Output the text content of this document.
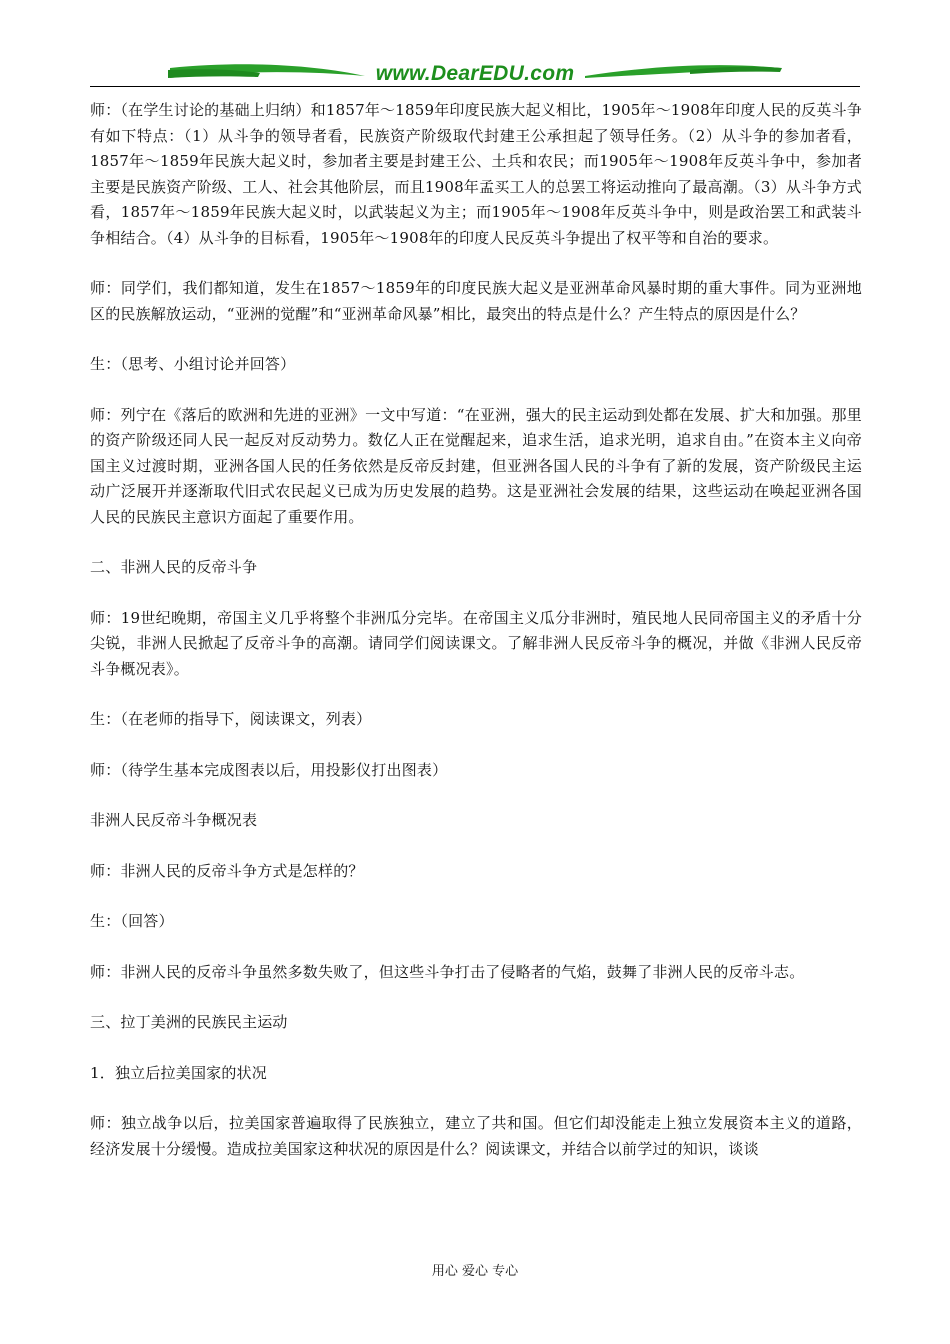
www.DearEDU.com

师：（在学生讨论的基础上归纳）和1857年～1859年印度民族大起义相比，1905年～1908年印度人民的反英斗争有如下特点：（1）从斗争的领导者看，民族资产阶级取代封建王公承担起了领导任务。（2）从斗争的参加者看，1857年～1859年民族大起义时，参加者主要是封建王公、土兵和农民；而1905年～1908年反英斗争中，参加者主要是民族资产阶级、工人、社会其他阶层，而且1908年孟买工人的总罢工将运动推向了最高潮。（3）从斗争方式看，1857年～1859年民族大起义时，以武装起义为主；而1905年～1908年反英斗争中，则是政治罢工和武装斗争相结合。（4）从斗争的目标看，1905年～1908年的印度人民反英斗争提出了权平等和自治的要求。

师：同学们，我们都知道，发生在1857～1859年的印度民族大起义是亚洲革命风暴时期的重大事件。同为亚洲地区的民族解放运动，“亚洲的觉醒”和“亚洲革命风暴”相比，最突出的特点是什么？产生特点的原因是什么？

生：（思考、小组讨论并回答）

师：列宁在《落后的欧洲和先进的亚洲》一文中写道：“在亚洲，强大的民主运动到处都在发展、扩大和加强。那里的资产阶级还同人民一起反对反动势力。数亿人正在觉醒起来，追求生活，追求光明，追求自由。”在资本主义向帝国主义过渡时期，亚洲各国人民的任务依然是反帝反封建，但亚洲各国人民的斗争有了新的发展，资产阶级民主运动广泛展开并逐渐取代旧式农民起义已成为历史发展的趋势。这是亚洲社会发展的结果，这些运动在唤起亚洲各国人民的民族民主意识方面起了重要作用。

二、非洲人民的反帝斗争

师：19世纪晚期，帝国主义几乎将整个非洲瓜分完毕。在帝国主义瓜分非洲时，殖民地人民同帝国主义的矛盾十分尖锐，非洲人民掀起了反帝斗争的高潮。请同学们阅读课文。了解非洲人民反帝斗争的概况，并做《非洲人民反帝斗争概况表》。

生：（在老师的指导下，阅读课文，列表）

师：（待学生基本完成图表以后，用投影仪打出图表）

非洲人民反帝斗争概况表

师：非洲人民的反帝斗争方式是怎样的？

生：（回答）

师：非洲人民的反帝斗争虽然多数失败了，但这些斗争打击了侵略者的气焰，鼓舞了非洲人民的反帝斗志。

三、拉丁美洲的民族民主运动

1．独立后拉美国家的状况

师：独立战争以后，拉美国家普遍取得了民族独立，建立了共和国。但它们却没能走上独立发展资本主义的道路，经济发展十分缓慢。造成拉美国家这种状况的原因是什么？阅读课文，并结合以前学过的知识，谈谈

用心 爱心 专心
